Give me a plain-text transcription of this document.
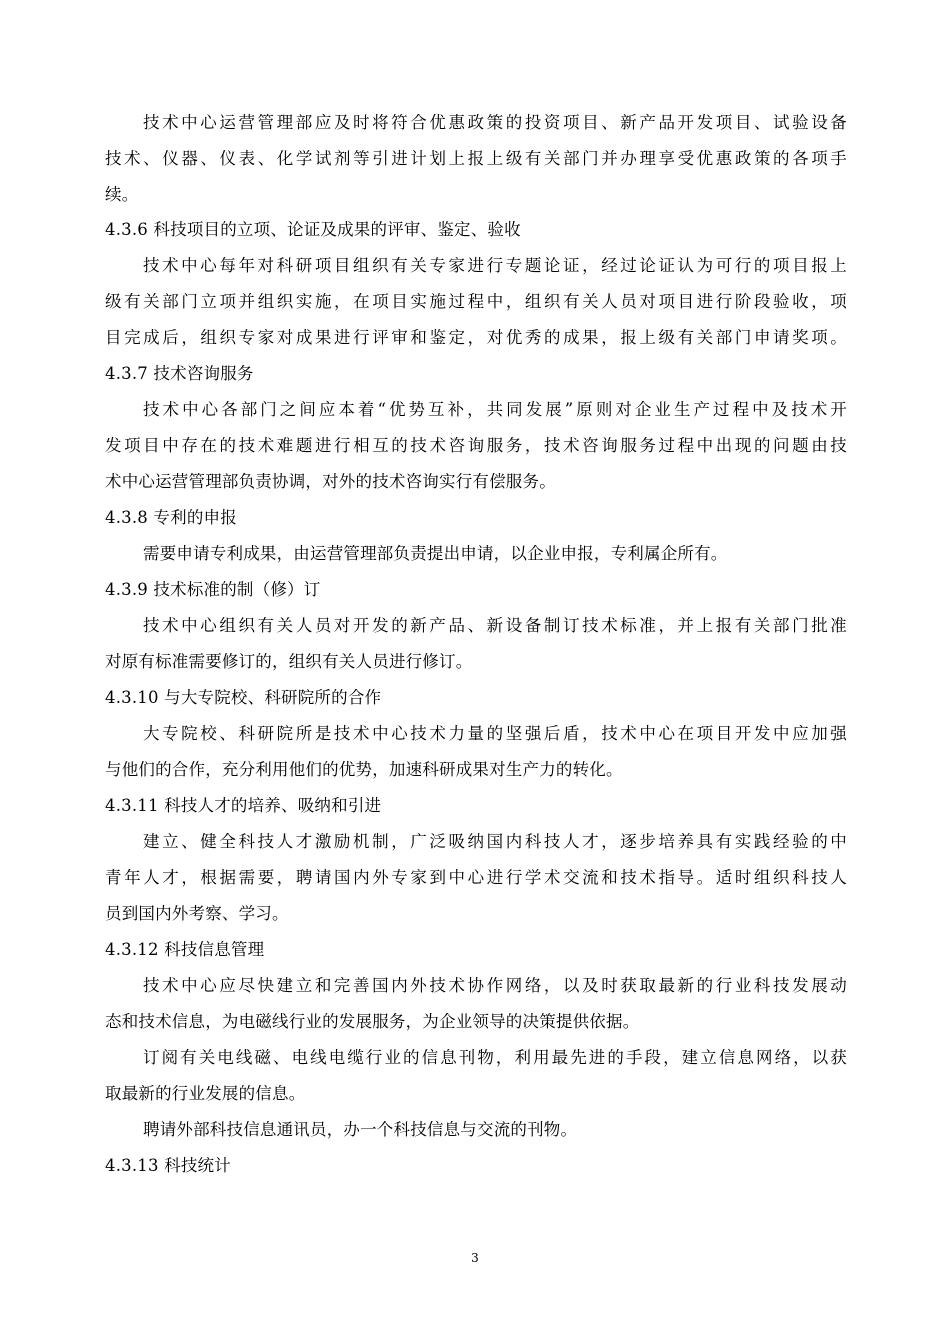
技术中心运营管理部应及时将符合优惠政策的投资项目、新产品开发项目、试验设备
技术、仪器、仪表、化学试剂等引进计划上报上级有关部门并办理享受优惠政策的各项手
续。
4.3.6 科技项目的立项、论证及成果的评审、鉴定、验收
技术中心每年对科研项目组织有关专家进行专题论证，经过论证认为可行的项目报上
级有关部门立项并组织实施，在项目实施过程中，组织有关人员对项目进行阶段验收，项
目完成后，组织专家对成果进行评审和鉴定，对优秀的成果，报上级有关部门申请奖项。
4.3.7 技术咨询服务
技术中心各部门之间应本着“优势互补，共同发展”原则对企业生产过程中及技术开
发项目中存在的技术难题进行相互的技术咨询服务，技术咨询服务过程中出现的问题由技
术中心运营管理部负责协调，对外的技术咨询实行有偿服务。
4.3.8 专利的申报
需要申请专利成果，由运营管理部负责提出申请，以企业申报，专利属企所有。
4.3.9 技术标准的制（修）订
技术中心组织有关人员对开发的新产品、新设备制订技术标准，并上报有关部门批准
对原有标准需要修订的，组织有关人员进行修订。
4.3.10 与大专院校、科研院所的合作
大专院校、科研院所是技术中心技术力量的坚强后盾，技术中心在项目开发中应加强
与他们的合作，充分利用他们的优势，加速科研成果对生产力的转化。
4.3.11 科技人才的培养、吸纳和引进
建立、健全科技人才激励机制，广泛吸纳国内科技人才，逐步培养具有实践经验的中
青年人才，根据需要，聘请国内外专家到中心进行学术交流和技术指导。适时组织科技人
员到国内外考察、学习。
4.3.12 科技信息管理
技术中心应尽快建立和完善国内外技术协作网络，以及时获取最新的行业科技发展动
态和技术信息，为电磁线行业的发展服务，为企业领导的决策提供依据。
订阅有关电线磁、电线电缆行业的信息刊物，利用最先进的手段，建立信息网络，以获
取最新的行业发展的信息。
聘请外部科技信息通讯员，办一个科技信息与交流的刊物。
4.3.13 科技统计
3
